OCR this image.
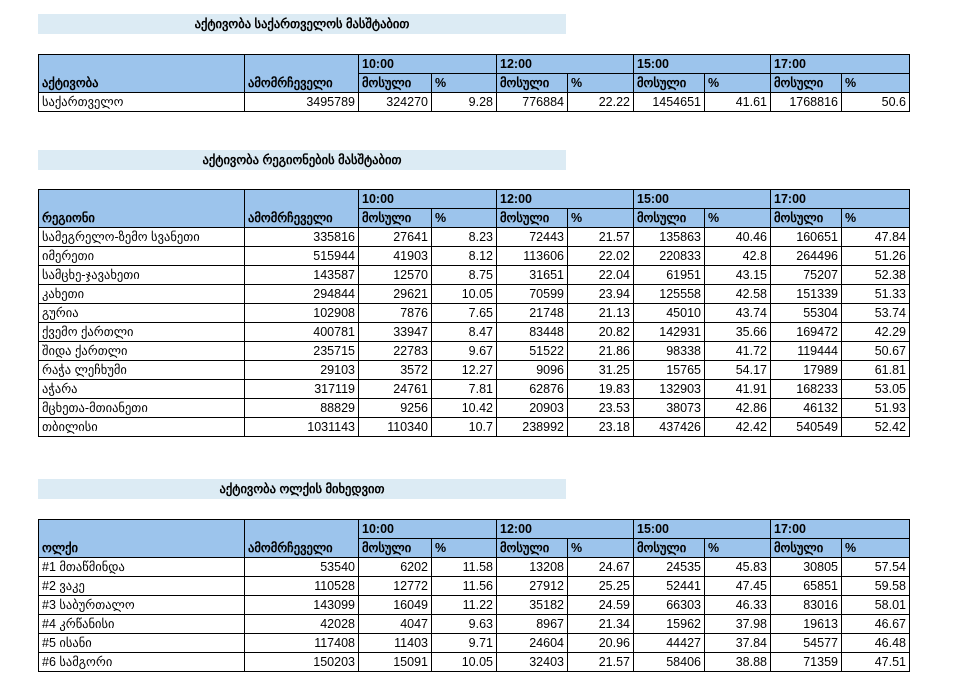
აქტივობა საქართველოს მასშტაბით
		10:00		12:00		15:00		17:00	
აქტივობა	ამომრჩეველი	მოსული	%	მოსული	%	მოსული	%	მოსული	%
საქართველო	3495789	324270	9.28	776884	22.22	1454651	41.61	1768816	50.6
აქტივობა რეგიონების მასშტაბით
		10:00		12:00		15:00		17:00	
რეგიონი	ამომრჩეველი	მოსული	%	მოსული	%	მოსული	%	მოსული	%
სამეგრელო-ზემო სვანეთი	335816	27641	8.23	72443	21.57	135863	40.46	160651	47.84
იმერეთი	515944	41903	8.12	113606	22.02	220833	42.8	264496	51.26
სამცხე-ჯავახეთი	143587	12570	8.75	31651	22.04	61951	43.15	75207	52.38
კახეთი	294844	29621	10.05	70599	23.94	125558	42.58	151339	51.33
გურია	102908	7876	7.65	21748	21.13	45010	43.74	55304	53.74
ქვემო ქართლი	400781	33947	8.47	83448	20.82	142931	35.66	169472	42.29
შიდა ქართლი	235715	22783	9.67	51522	21.86	98338	41.72	119444	50.67
რაჭა ლეჩხუმი	29103	3572	12.27	9096	31.25	15765	54.17	17989	61.81
აჭარა	317119	24761	7.81	62876	19.83	132903	41.91	168233	53.05
მცხეთა-მთიანეთი	88829	9256	10.42	20903	23.53	38073	42.86	46132	51.93
თბილისი	1031143	110340	10.7	238992	23.18	437426	42.42	540549	52.42
აქტივობა ოლქის მიხედვით
		10:00		12:00		15:00		17:00	
ოლქი	ამომრჩეველი	მოსული	%	მოსული	%	მოსული	%	მოსული	%
#1 მთაწმინდა	53540	6202	11.58	13208	24.67	24535	45.83	30805	57.54
#2 ვაკე	110528	12772	11.56	27912	25.25	52441	47.45	65851	59.58
#3 საბურთალო	143099	16049	11.22	35182	24.59	66303	46.33	83016	58.01
#4 კრწანისი	42028	4047	9.63	8967	21.34	15962	37.98	19613	46.67
#5 ისანი	117408	11403	9.71	24604	20.96	44427	37.84	54577	46.48
#6 სამგორი	150203	15091	10.05	32403	21.57	58406	38.88	71359	47.51
